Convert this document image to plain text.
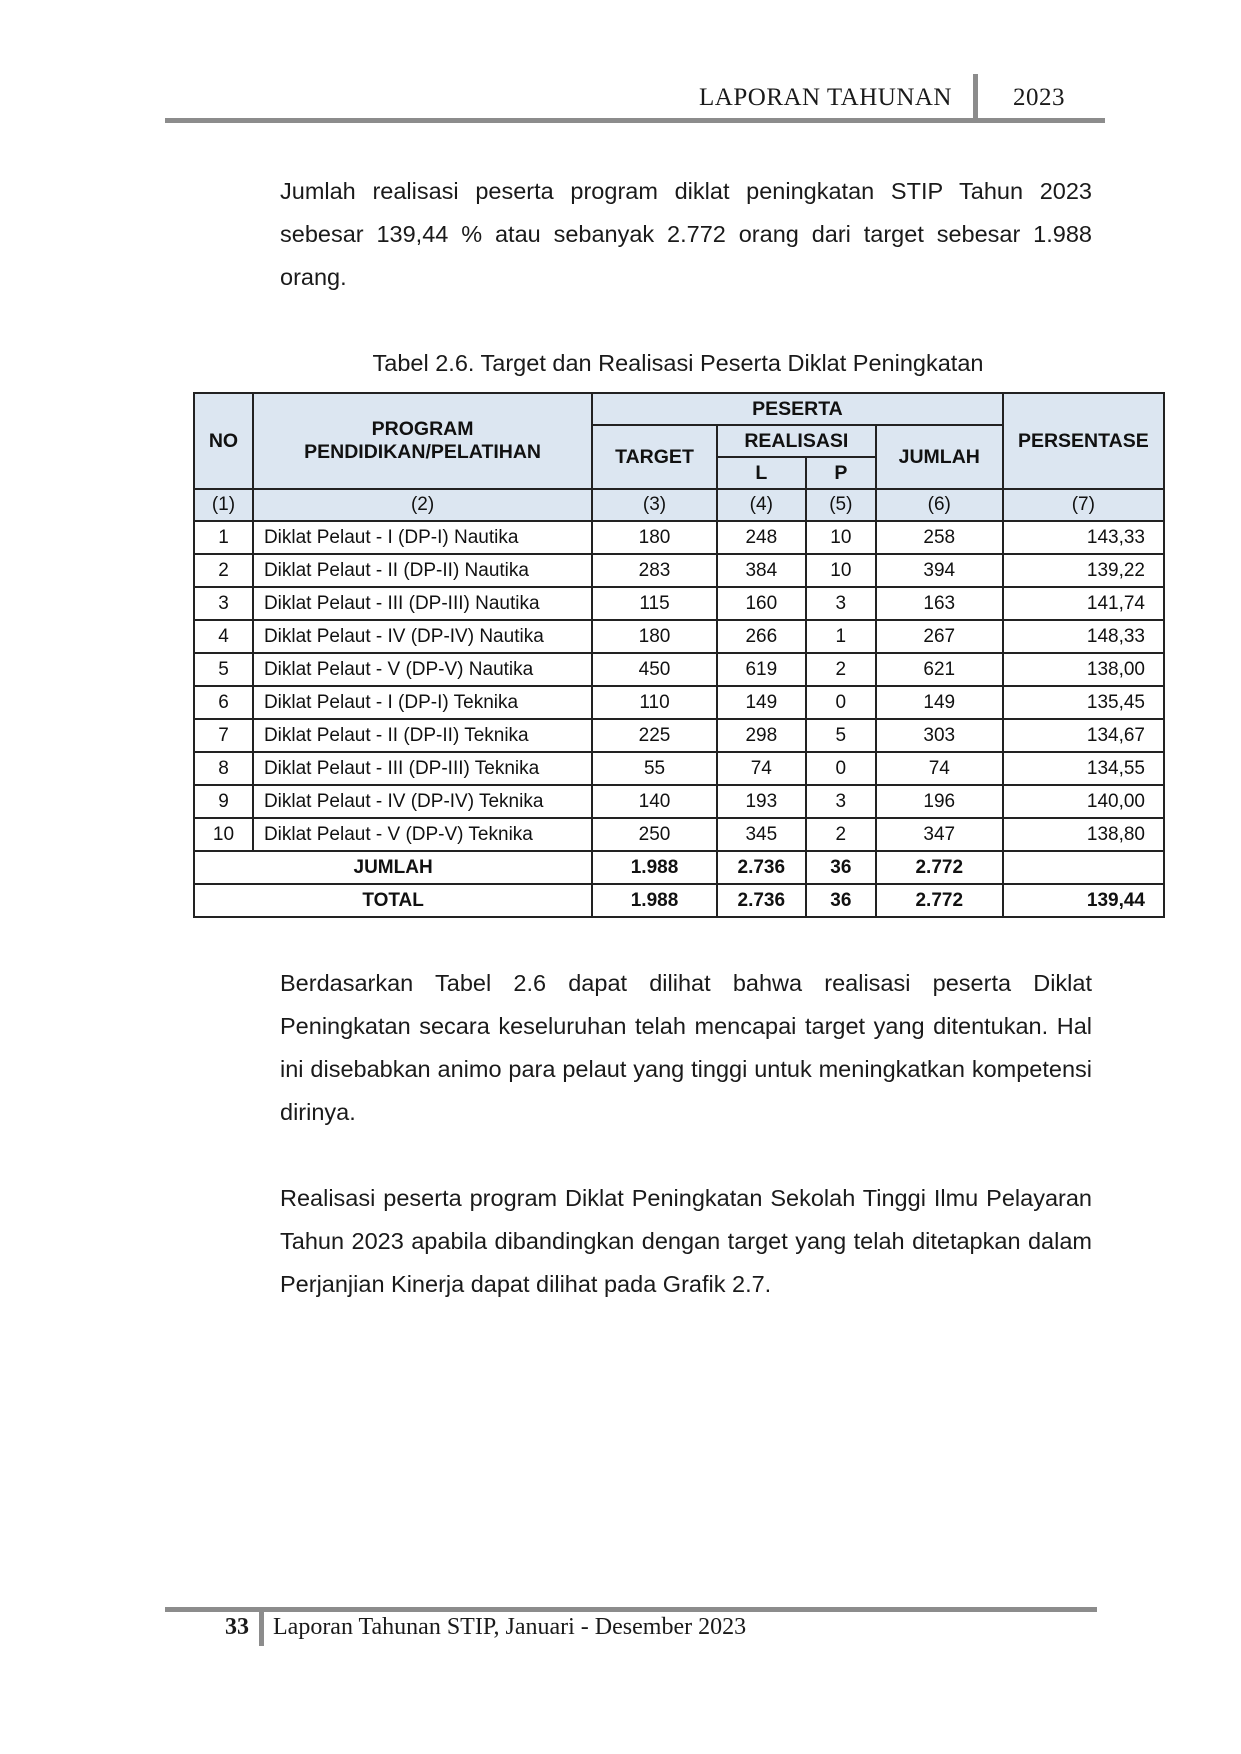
LAPORAN TAHUNAN 2023

Jumlah realisasi peserta program diklat peningkatan STIP Tahun 2023 sebesar 139,44 % atau sebanyak 2.772 orang dari target sebesar 1.988 orang.

Tabel 2.6. Target dan Realisasi Peserta Diklat Peningkatan
NO	PROGRAM PENDIDIKAN/PELATIHAN	PESERTA				PERSENTASE
		TARGET	REALISASI		JUMLAH	
			L	P		
(1)	(2)	(3)	(4)	(5)	(6)	(7)
1	Diklat Pelaut - I (DP-I) Nautika	180	248	10	258	143,33
2	Diklat Pelaut - II (DP-II) Nautika	283	384	10	394	139,22
3	Diklat Pelaut - III (DP-III) Nautika	115	160	3	163	141,74
4	Diklat Pelaut - IV (DP-IV) Nautika	180	266	1	267	148,33
5	Diklat Pelaut - V (DP-V) Nautika	450	619	2	621	138,00
6	Diklat Pelaut - I (DP-I) Teknika	110	149	0	149	135,45
7	Diklat Pelaut - II (DP-II) Teknika	225	298	5	303	134,67
8	Diklat Pelaut - III (DP-III) Teknika	55	74	0	74	134,55
9	Diklat Pelaut - IV (DP-IV) Teknika	140	193	3	196	140,00
10	Diklat Pelaut - V (DP-V) Teknika	250	345	2	347	138,80
JUMLAH		1.988	2.736	36	2.772	
TOTAL		1.988	2.736	36	2.772	139,44

Berdasarkan Tabel 2.6 dapat dilihat bahwa realisasi peserta Diklat Peningkatan secara keseluruhan telah mencapai target yang ditentukan. Hal ini disebabkan animo para pelaut yang tinggi untuk meningkatkan kompetensi dirinya.

Realisasi peserta program Diklat Peningkatan Sekolah Tinggi Ilmu Pelayaran Tahun 2023 apabila dibandingkan dengan target yang telah ditetapkan dalam Perjanjian Kinerja dapat dilihat pada Grafik 2.7.

33 Laporan Tahunan STIP, Januari - Desember 2023
